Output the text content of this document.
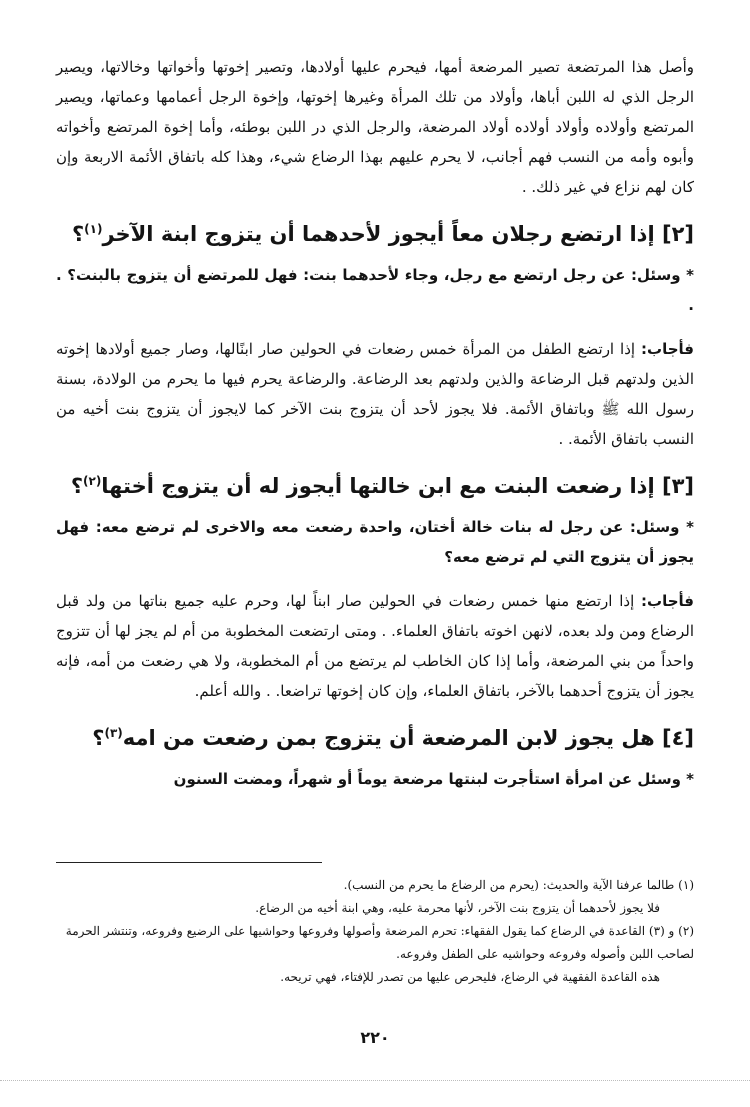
وأصل هذا المرتضعة تصير المرضعة أمها، فيحرم عليها أولادها، وتصير إخوتها وأخواتها وخالاتها، ويصير الرجل الذي له اللبن أباها، وأولاد من تلك المرأة وغيرها إخوتها، وإخوة الرجل أعمامها وعماتها، ويصير المرتضع وأولاده وأولاد أولاده أولاد المرضعة، والرجل الذي در اللبن بوطئه، وأما إخوة المرتضع وأخواته وأبوه وأمه من النسب فهم أجانب، لا يحرم عليهم بهذا الرضاع شيء، وهذا كله باتفاق الأئمة الاربعة وإن كان لهم نزاع في غير ذلك. .

[٢] إذا ارتضع رجلان معاً أيجوز لأحدهما أن يتزوج ابنة الآخر$^{(١)}$؟

* وسئل: عن رجل ارتضع مع رجل، وجاء لأحدهما بنت: فهل للمرتضع أن يتزوج بالبنت؟ . .

فأجاب: إذا ارتضع الطفل من المرأة خمس رضعات في الحولين صار ابنًالها، وصار جميع أولادها إخوته الذين ولدتهم قبل الرضاعة والذين ولدتهم بعد الرضاعة. والرضاعة يحرم فيها ما يحرم من الولادة، بسنة رسول الله ﷺ وباتفاق الأئمة. فلا يجوز لأحد أن يتزوج بنت الآخر كما لايجوز أن يتزوج بنت أخيه من النسب باتفاق الأئمة. .

[٣] إذا رضعت البنت مع ابن خالتها أيجوز له أن يتزوج أختها$^{(٢)}$؟

* وسئل: عن رجل له بنات خالة أختان، واحدة رضعت معه والاخرى لم ترضع معه: فهل يجوز أن يتزوج التي لم ترضع معه؟

فأجاب: إذا ارتضع منها خمس رضعات في الحولين صار ابناً لها، وحرم عليه جميع بناتها من ولد قبل الرضاع ومن ولد بعده، لانهن اخوته باتفاق العلماء. . ومتى ارتضعت المخطوبة من أم لم يجز لها أن تتزوج واحداً من بني المرضعة، وأما إذا كان الخاطب لم يرتضع من أم المخطوبة، ولا هي رضعت من أمه، فإنه يجوز أن يتزوج أحدهما بالآخر، باتفاق العلماء، وإن كان إخوتها تراضعا. . والله أعلم.

[٤] هل يجوز لابن المرضعة أن يتزوج بمن رضعت من امه$^{(٣)}$؟

* وسئل عن امرأة استأجرت لبنتها مرضعة يوماً أو شهراً، ومضت السنون

(١) طالما عرفنا الآية والحديث: (يحرم من الرضاع ما يحرم من النسب).

فلا يجوز لأحدهما أن يتزوج بنت الآخر، لأنها محرمة عليه، وهي ابنة أخيه من الرضاع.

(٢) و (٣) القاعدة في الرضاع كما يقول الفقهاء: تحرم المرضعة وأصولها وفروعها وحواشيها على الرضيع وفروعه، وتنتشر الحرمة لصاحب اللبن وأصوله وفروعه وحواشيه على الطفل وفروعه.

هذه القاعدة الفقهية في الرضاع، فليحرص عليها من تصدر للإفتاء، فهي تريحه.

٢٢٠
